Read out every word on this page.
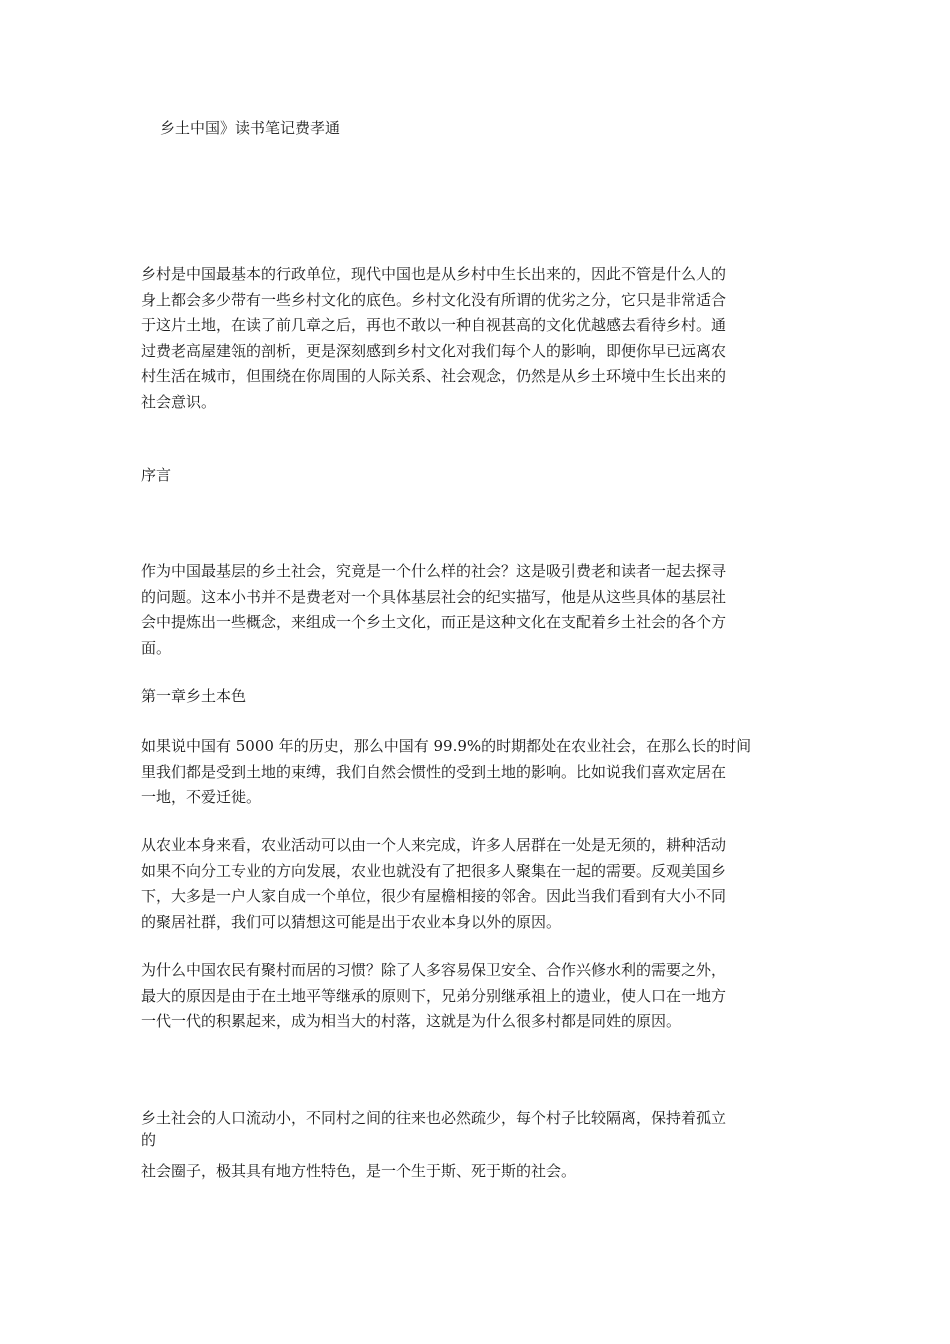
乡土中国》读书笔记费孝通
乡村是中国最基本的行政单位，现代中国也是从乡村中生长出来的，因此不管是什么人的
身上都会多少带有一些乡村文化的底色。乡村文化没有所谓的优劣之分，它只是非常适合
于这片土地，在读了前几章之后，再也不敢以一种自视甚高的文化优越感去看待乡村。通
过费老高屋建瓴的剖析，更是深刻感到乡村文化对我们每个人的影响，即便你早已远离农
村生活在城市，但围绕在你周围的人际关系、社会观念，仍然是从乡土环境中生长出来的
社会意识。
序言
作为中国最基层的乡土社会，究竟是一个什么样的社会？这是吸引费老和读者一起去探寻
的问题。这本小书并不是费老对一个具体基层社会的纪实描写，他是从这些具体的基层社
会中提炼出一些概念，来组成一个乡土文化，而正是这种文化在支配着乡土社会的各个方
面。
第一章乡土本色
如果说中国有 5000 年的历史，那么中国有 99.9%的时期都处在农业社会，在那么长的时间
里我们都是受到土地的束缚，我们自然会惯性的受到土地的影响。比如说我们喜欢定居在
一地，不爱迁徙。
从农业本身来看，农业活动可以由一个人来完成，许多人居群在一处是无须的，耕种活动
如果不向分工专业的方向发展，农业也就没有了把很多人聚集在一起的需要。反观美国乡
下，大多是一户人家自成一个单位，很少有屋檐相接的邻舍。因此当我们看到有大小不同
的聚居社群，我们可以猜想这可能是出于农业本身以外的原因。
为什么中国农民有聚村而居的习惯？除了人多容易保卫安全、合作兴修水利的需要之外，
最大的原因是由于在土地平等继承的原则下，兄弟分别继承祖上的遗业，使人口在一地方
一代一代的积累起来，成为相当大的村落，这就是为什么很多村都是同姓的原因。
乡土社会的人口流动小，不同村之间的往来也必然疏少，每个村子比较隔离，保持着孤立
的
社会圈子，极其具有地方性特色，是一个生于斯、死于斯的社会。
